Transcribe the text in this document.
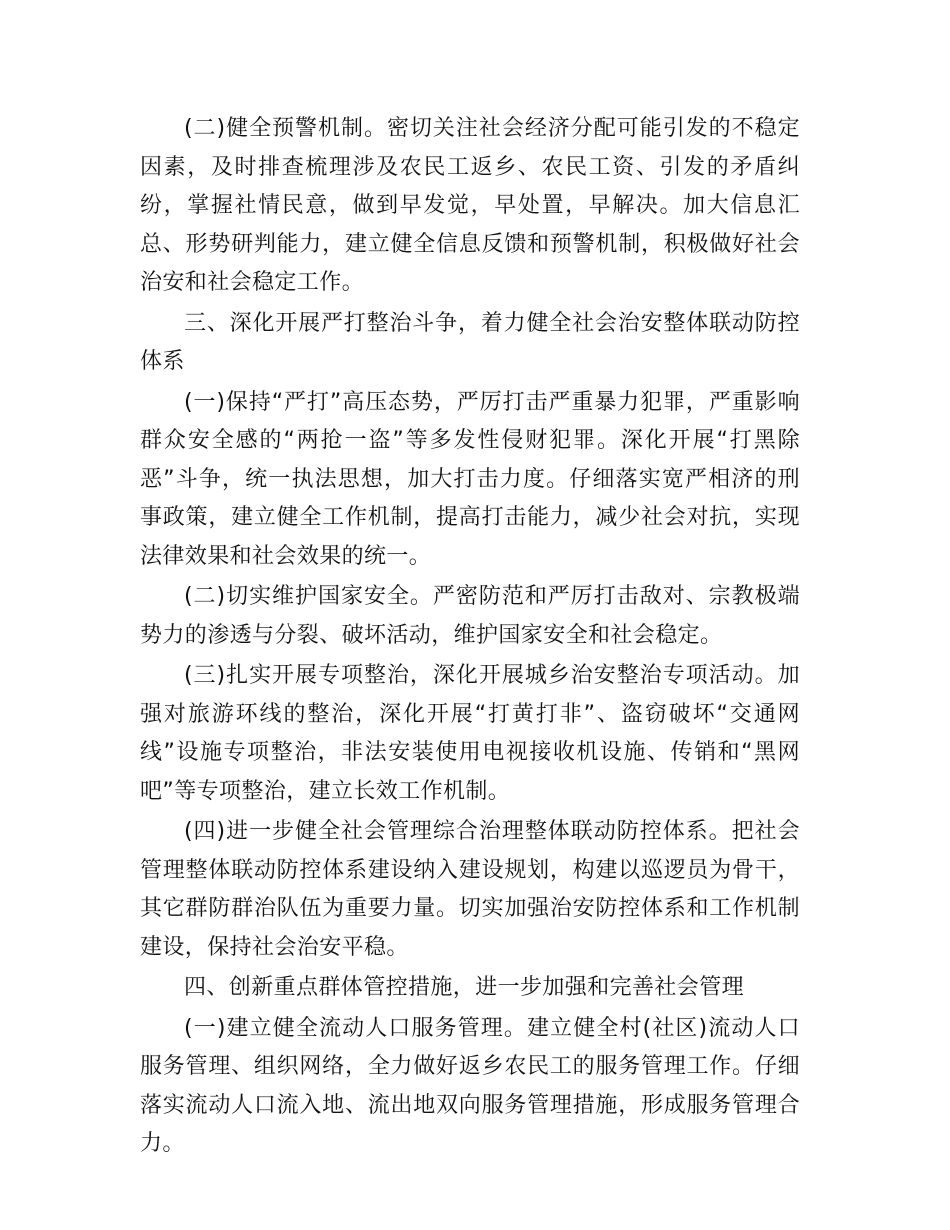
(二)健全预警机制。密切关注社会经济分配可能引发的不稳定因素，及时排查梳理涉及农民工返乡、农民工资、引发的矛盾纠纷，掌握社情民意，做到早发觉，早处置，早解决。加大信息汇总、形势研判能力，建立健全信息反馈和预警机制，积极做好社会治安和社会稳定工作。

三、深化开展严打整治斗争，着力健全社会治安整体联动防控体系

(一)保持“严打”高压态势，严厉打击严重暴力犯罪，严重影响群众安全感的“两抢一盗”等多发性侵财犯罪。深化开展“打黑除恶”斗争，统一执法思想，加大打击力度。仔细落实宽严相济的刑事政策，建立健全工作机制，提高打击能力，减少社会对抗，实现法律效果和社会效果的统一。

(二)切实维护国家安全。严密防范和严厉打击敌对、宗教极端势力的渗透与分裂、破坏活动，维护国家安全和社会稳定。

(三)扎实开展专项整治，深化开展城乡治安整治专项活动。加强对旅游环线的整治，深化开展“打黄打非”、盗窃破坏“交通网线”设施专项整治，非法安装使用电视接收机设施、传销和“黑网吧”等专项整治，建立长效工作机制。

(四)进一步健全社会管理综合治理整体联动防控体系。把社会管理整体联动防控体系建设纳入建设规划，构建以巡逻员为骨干，其它群防群治队伍为重要力量。切实加强治安防控体系和工作机制建设，保持社会治安平稳。

四、创新重点群体管控措施，进一步加强和完善社会管理

(一)建立健全流动人口服务管理。建立健全村(社区)流动人口服务管理、组织网络，全力做好返乡农民工的服务管理工作。仔细落实流动人口流入地、流出地双向服务管理措施，形成服务管理合力。
